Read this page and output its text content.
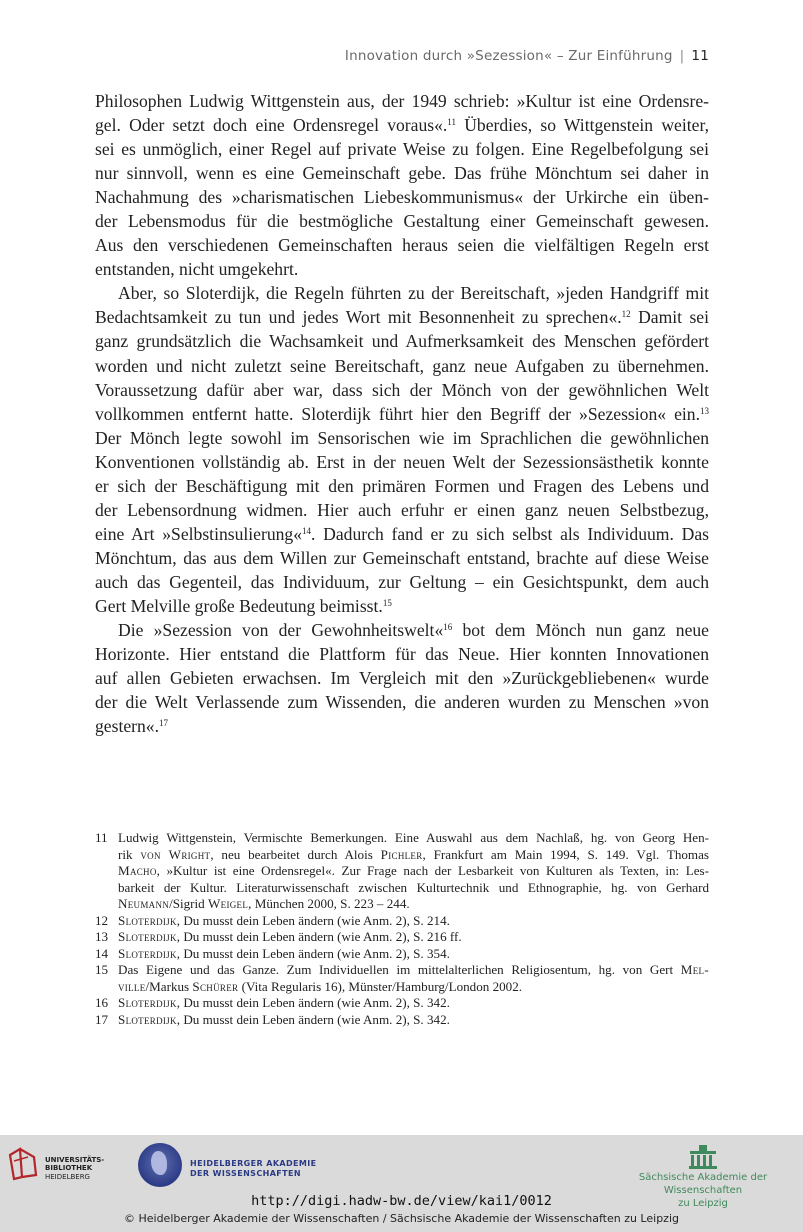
Innovation durch »Sezession« – Zur Einführung | 11
Philosophen Ludwig Wittgenstein aus, der 1949 schrieb: »Kultur ist eine Ordensre-
gel. Oder setzt doch eine Ordensregel voraus«.$^{11}$ Überdies, so Wittgenstein weiter,
sei es unmöglich, einer Regel auf private Weise zu folgen. Eine Regelbefolgung sei
nur sinnvoll, wenn es eine Gemeinschaft gebe. Das frühe Mönchtum sei daher in
Nachahmung des »charismatischen Liebeskommunismus« der Urkirche ein üben-
der Lebensmodus für die bestmögliche Gestaltung einer Gemeinschaft gewesen.
Aus den verschiedenen Gemeinschaften heraus seien die vielfältigen Regeln erst
entstanden, nicht umgekehrt.
Aber, so Sloterdijk, die Regeln führten zu der Bereitschaft, »jeden Handgriff mit
Bedachtsamkeit zu tun und jedes Wort mit Besonnenheit zu sprechen«.$^{12}$ Damit sei
ganz grundsätzlich die Wachsamkeit und Aufmerksamkeit des Menschen gefördert
worden und nicht zuletzt seine Bereitschaft, ganz neue Aufgaben zu übernehmen.
Voraussetzung dafür aber war, dass sich der Mönch von der gewöhnlichen Welt
vollkommen entfernt hatte. Sloterdijk führt hier den Begriff der »Sezession« ein.$^{13}$
Der Mönch legte sowohl im Sensorischen wie im Sprachlichen die gewöhnlichen
Konventionen vollständig ab. Erst in der neuen Welt der Sezessionsästhetik konnte
er sich der Beschäftigung mit den primären Formen und Fragen des Lebens und
der Lebensordnung widmen. Hier auch erfuhr er einen ganz neuen Selbstbezug,
eine Art »Selbstinsulierung«$^{14}$. Dadurch fand er zu sich selbst als Individuum. Das
Mönchtum, das aus dem Willen zur Gemeinschaft entstand, brachte auf diese Weise
auch das Gegenteil, das Individuum, zur Geltung – ein Gesichtspunkt, dem auch
Gert Melville große Bedeutung beimisst.$^{15}$
Die »Sezession von der Gewohnheitswelt«$^{16}$ bot dem Mönch nun ganz neue
Horizonte. Hier entstand die Plattform für das Neue. Hier konnten Innovationen
auf allen Gebieten erwachsen. Im Vergleich mit den »Zurückgebliebenen« wurde
der die Welt Verlassende zum Wissenden, die anderen wurden zu Menschen »von
gestern«.$^{17}$
11 Ludwig Wittgenstein, Vermischte Bemerkungen. Eine Auswahl aus dem Nachlaß, hg. von Georg Hen-
rik von Wright, neu bearbeitet durch Alois Pichler, Frankfurt am Main 1994, S. 149. Vgl. Thomas
Macho, »Kultur ist eine Ordensregel«. Zur Frage nach der Lesbarkeit von Kulturen als Texten, in: Les-
barkeit der Kultur. Literaturwissenschaft zwischen Kulturtechnik und Ethnographie, hg. von Gerhard
Neumann/Sigrid Weigel, München 2000, S. 223 – 244.
12 Sloterdijk, Du musst dein Leben ändern (wie Anm. 2), S. 214.
13 Sloterdijk, Du musst dein Leben ändern (wie Anm. 2), S. 216 ff.
14 Sloterdijk, Du musst dein Leben ändern (wie Anm. 2), S. 354.
15 Das Eigene und das Ganze. Zum Individuellen im mittelalterlichen Religiosentum, hg. von Gert Mel-
ville/Markus Schürer (Vita Regularis 16), Münster/Hamburg/London 2002.
16 Sloterdijk, Du musst dein Leben ändern (wie Anm. 2), S. 342.
17 Sloterdijk, Du musst dein Leben ändern (wie Anm. 2), S. 342.
UNIVERSITÄTS-
BIBLIOTHEK
HEIDELBERG
HEIDELBERGER AKADEMIE
DER WISSENSCHAFTEN	Sächsische Akademie der Wissenschaften
zu Leipzig
http://digi.hadw-bw.de/view/kai1/0012
© Heidelberger Akademie der Wissenschaften / Sächsische Akademie der Wissenschaften zu Leipzig
